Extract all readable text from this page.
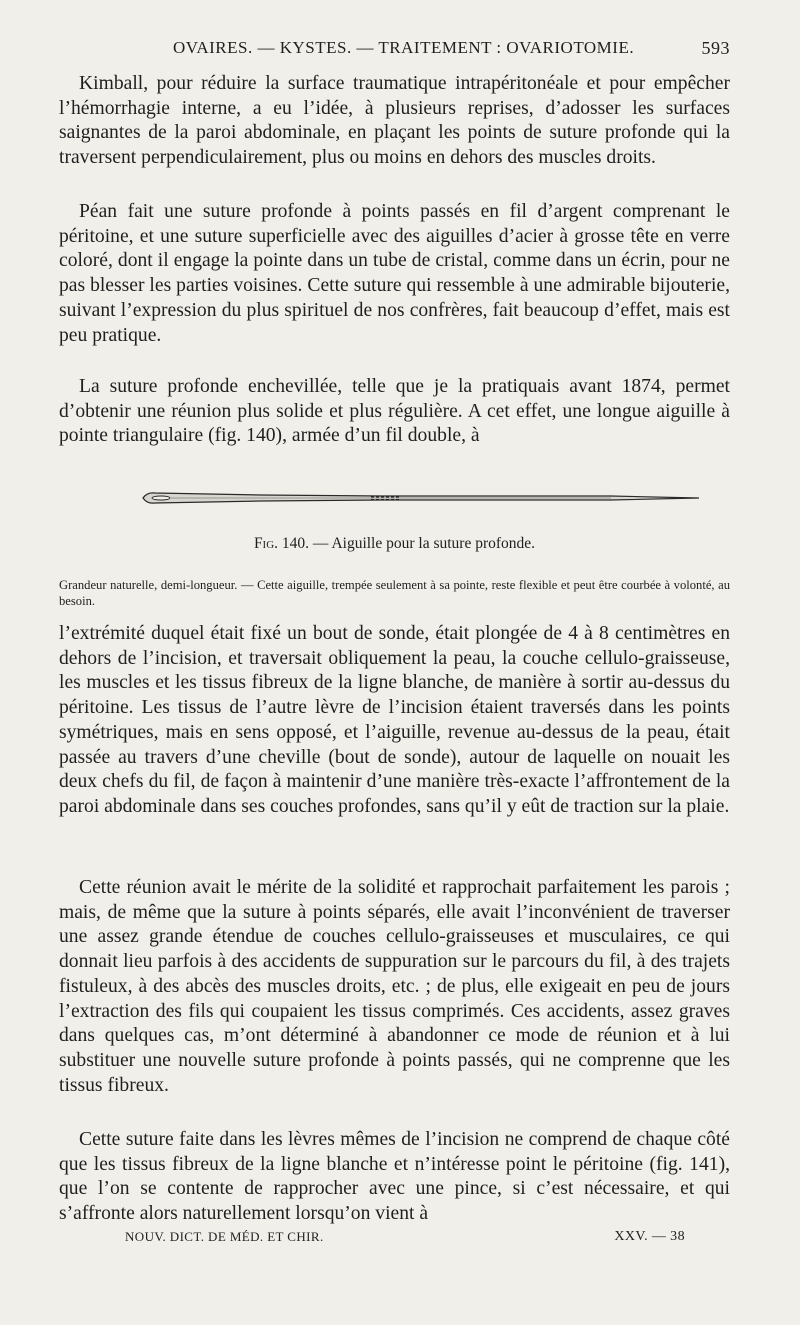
OVAIRES. — KYSTES. — TRAITEMENT : OVARIOTOMIE.	593

Kimball, pour réduire la surface traumatique intrapéritonéale et pour empêcher l’hémorrhagie interne, a eu l’idée, à plusieurs reprises, d’adosser les surfaces saignantes de la paroi abdominale, en plaçant les points de suture profonde qui la traversent perpendiculairement, plus ou moins en dehors des muscles droits.

Péan fait une suture profonde à points passés en fil d’argent comprenant le péritoine, et une suture superficielle avec des aiguilles d’acier à grosse tête en verre coloré, dont il engage la pointe dans un tube de cristal, comme dans un écrin, pour ne pas blesser les parties voisines. Cette suture qui ressemble à une admirable bijouterie, suivant l’expression du plus spirituel de nos confrères, fait beaucoup d’effet, mais est peu pratique.

La suture profonde enchevillée, telle que je la pratiquais avant 1874, permet d’obtenir une réunion plus solide et plus régulière. A cet effet, une longue aiguille à pointe triangulaire (fig. 140), armée d’un fil double, à

Fig. 140. — Aiguille pour la suture profonde.

Grandeur naturelle, demi-longueur. — Cette aiguille, trempée seulement à sa pointe, reste flexible et peut être courbée à volonté, au besoin.

l’extrémité duquel était fixé un bout de sonde, était plongée de 4 à 8 centimètres en dehors de l’incision, et traversait obliquement la peau, la couche cellulo-graisseuse, les muscles et les tissus fibreux de la ligne blanche, de manière à sortir au-dessus du péritoine. Les tissus de l’autre lèvre de l’incision étaient traversés dans les points symétriques, mais en sens opposé, et l’aiguille, revenue au-dessus de la peau, était passée au travers d’une cheville (bout de sonde), autour de laquelle on nouait les deux chefs du fil, de façon à maintenir d’une manière très-exacte l’affrontement de la paroi abdominale dans ses couches profondes, sans qu’il y eût de traction sur la plaie.

Cette réunion avait le mérite de la solidité et rapprochait parfaitement les parois ; mais, de même que la suture à points séparés, elle avait l’inconvénient de traverser une assez grande étendue de couches cellulo-graisseuses et musculaires, ce qui donnait lieu parfois à des accidents de suppuration sur le parcours du fil, à des trajets fistuleux, à des abcès des muscles droits, etc. ; de plus, elle exigeait en peu de jours l’extraction des fils qui coupaient les tissus comprimés. Ces accidents, assez graves dans quelques cas, m’ont déterminé à abandonner ce mode de réunion et à lui substituer une nouvelle suture profonde à points passés, qui ne comprenne que les tissus fibreux.

Cette suture faite dans les lèvres mêmes de l’incision ne comprend de chaque côté que les tissus fibreux de la ligne blanche et n’intéresse point le péritoine (fig. 141), que l’on se contente de rapprocher avec une pince, si c’est nécessaire, et qui s’affronte alors naturellement lorsqu’on vient à

NOUV. DICT. DE MÉD. ET CHIR.	XXV. — 38
